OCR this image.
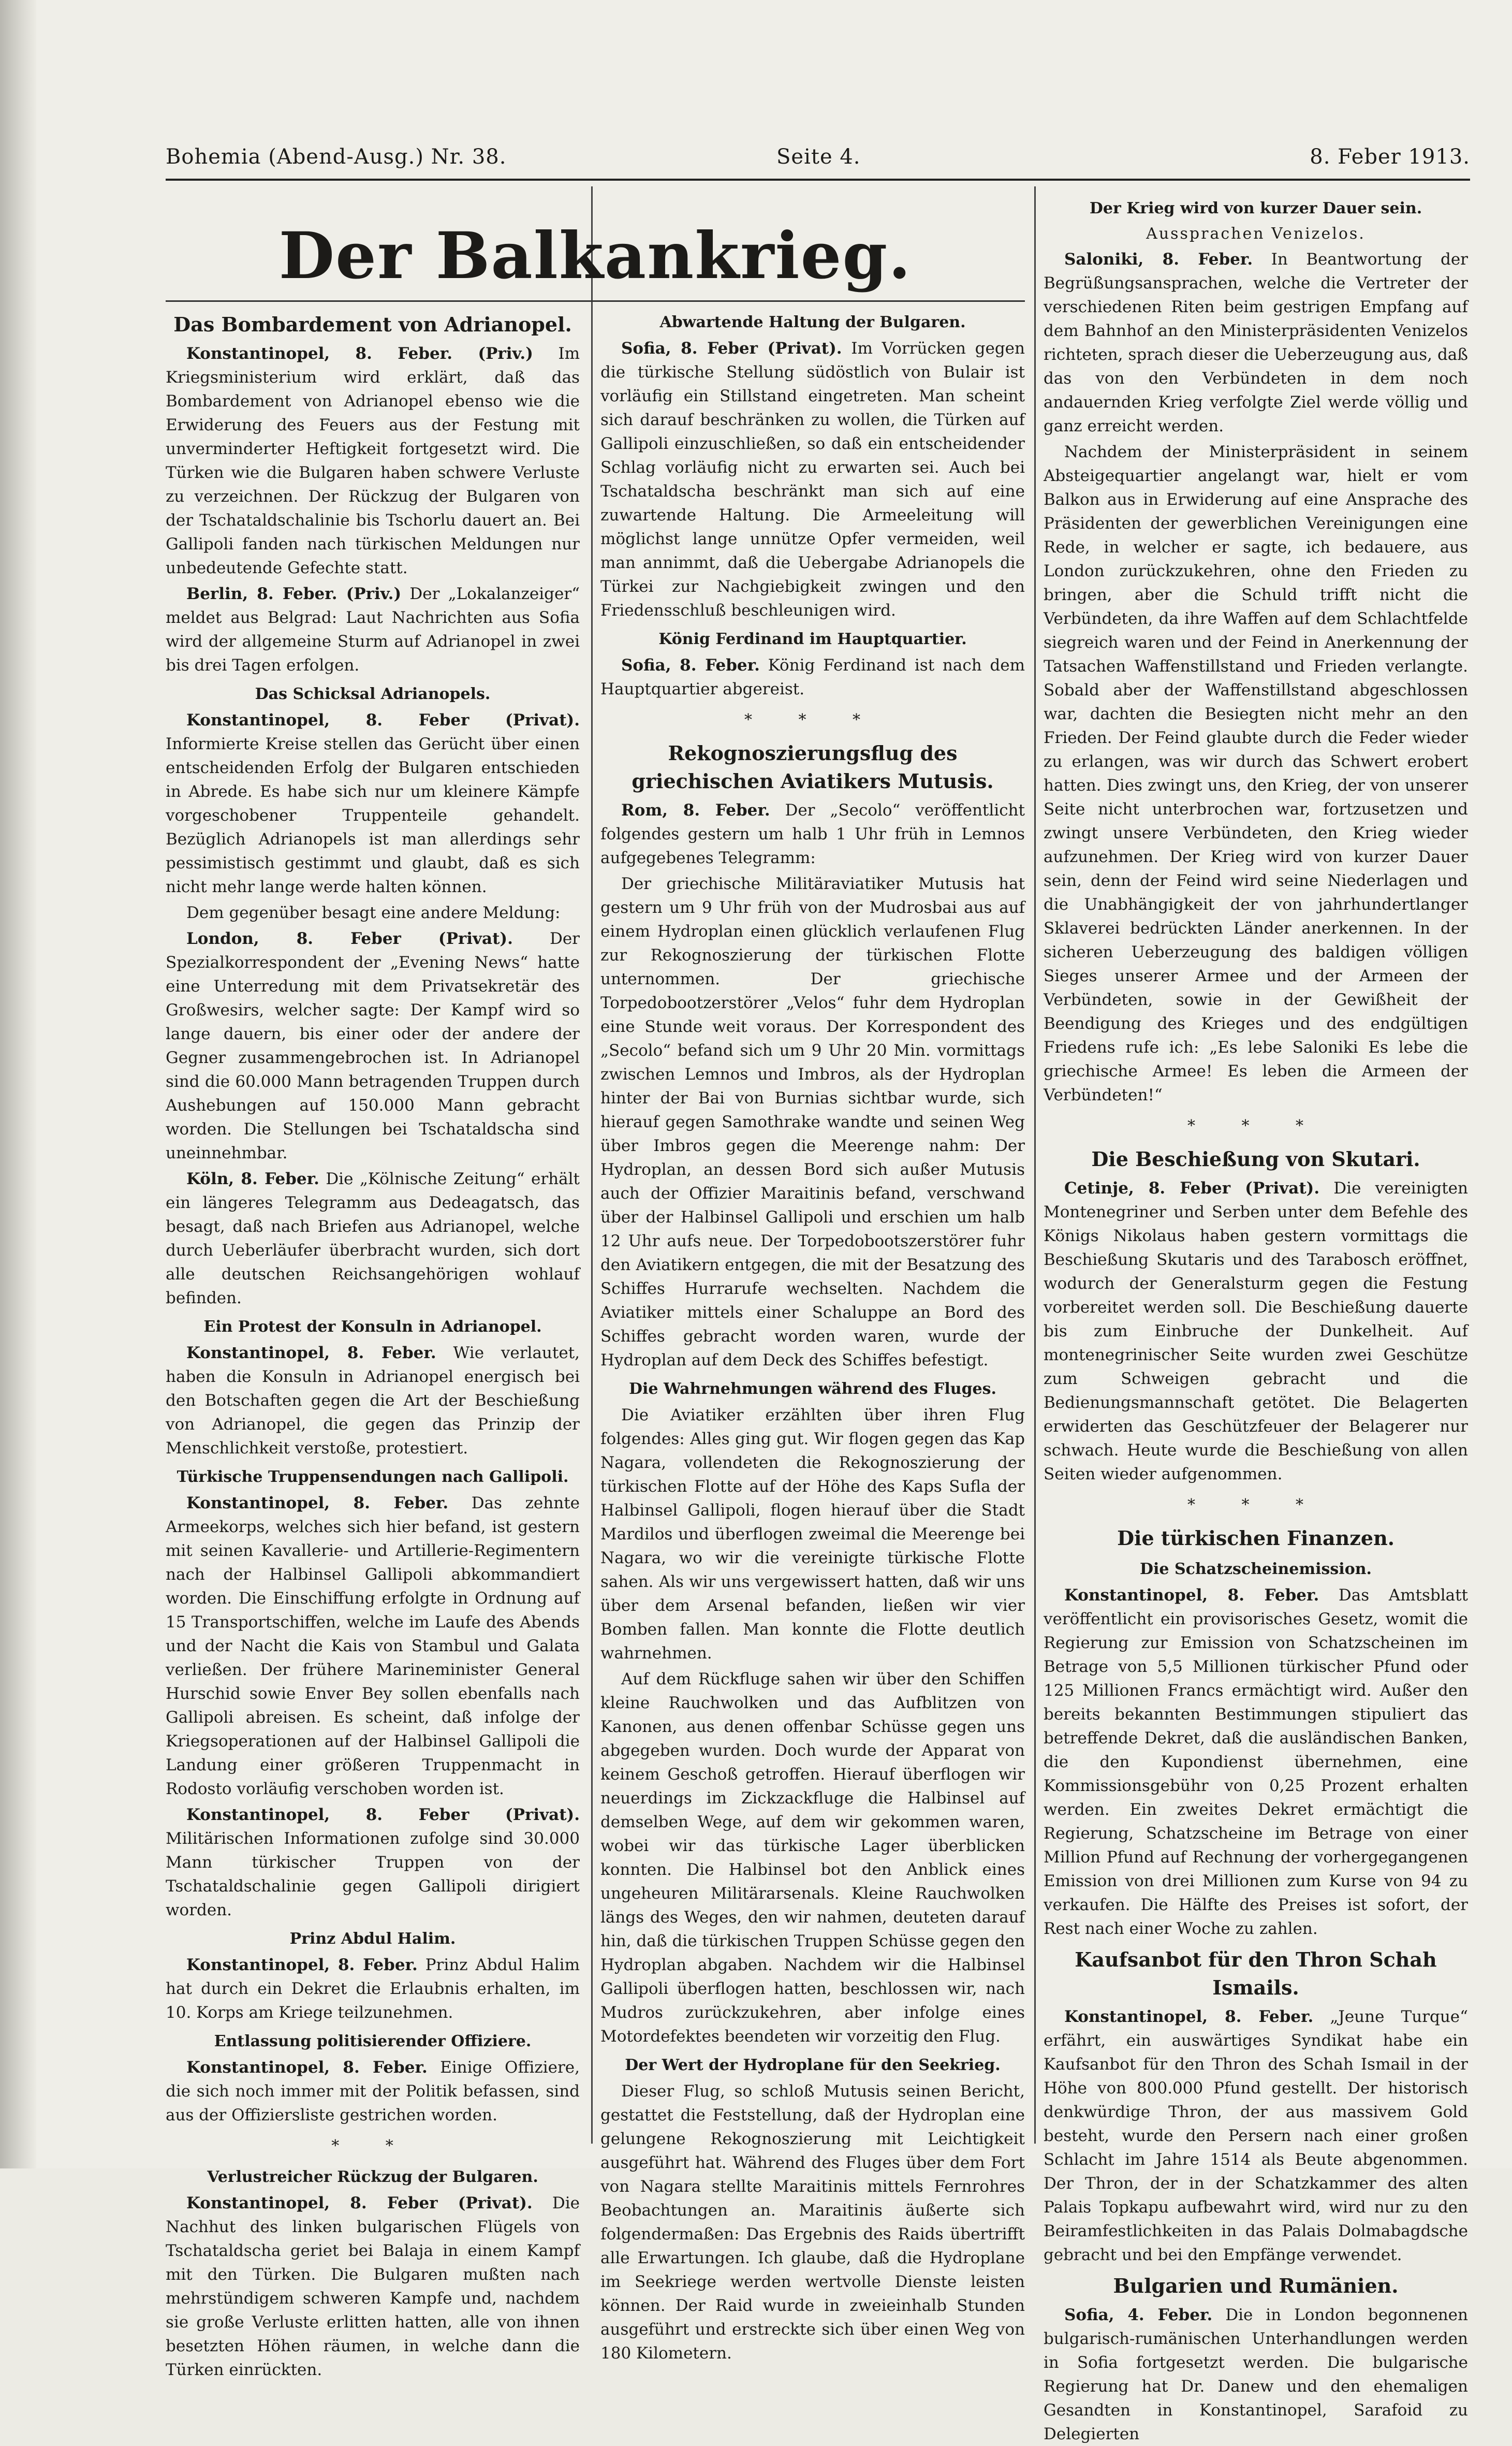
Bohemia (Abend-Ausg.) Nr. 38.	Seite 4.	8. Feber 1913.
Der Balkankrieg.
Das Bombardement von Adrianopel.

Konstantinopel, 8. Feber. (Priv.) Im Kriegsministerium wird erklärt, daß das Bombardement von Adrianopel ebenso wie die Erwiderung des Feuers aus der Festung mit unverminderter Heftigkeit fortgesetzt wird. Die Türken wie die Bulgaren haben schwere Verluste zu verzeichnen. Der Rückzug der Bulgaren von der Tschataldschalinie bis Tschorlu dauert an. Bei Gallipoli fanden nach türkischen Meldungen nur unbedeutende Gefechte statt.

Berlin, 8. Feber. (Priv.) Der „Lokalanzeiger“ meldet aus Belgrad: Laut Nachrichten aus Sofia wird der allgemeine Sturm auf Adrianopel in zwei bis drei Tagen erfolgen.

Das Schicksal Adrianopels.

Konstantinopel, 8. Feber (Privat). Informierte Kreise stellen das Gerücht über einen entscheidenden Erfolg der Bulgaren entschieden in Abrede. Es habe sich nur um kleinere Kämpfe vorgeschobener Truppenteile gehandelt. Bezüglich Adrianopels ist man allerdings sehr pessimistisch gestimmt und glaubt, daß es sich nicht mehr lange werde halten können.

Dem gegenüber besagt eine andere Meldung:

London, 8. Feber (Privat). Der Spezialkorrespondent der „Evening News“ hatte eine Unterredung mit dem Privatsekretär des Großwesirs, welcher sagte: Der Kampf wird so lange dauern, bis einer oder der andere der Gegner zusammengebrochen ist. In Adrianopel sind die 60.000 Mann betragenden Truppen durch Aushebungen auf 150.000 Mann gebracht worden. Die Stellungen bei Tschataldscha sind uneinnehmbar.

Köln, 8. Feber. Die „Kölnische Zeitung“ erhält ein längeres Telegramm aus Dedeagatsch, das besagt, daß nach Briefen aus Adrianopel, welche durch Ueberläufer überbracht wurden, sich dort alle deutschen Reichsangehörigen wohlauf befinden.

Ein Protest der Konsuln in Adrianopel.

Konstantinopel, 8. Feber. Wie verlautet, haben die Konsuln in Adrianopel energisch bei den Botschaften gegen die Art der Beschießung von Adrianopel, die gegen das Prinzip der Menschlichkeit verstoße, protestiert.

Türkische Truppensendungen nach Gallipoli.

Konstantinopel, 8. Feber. Das zehnte Armeekorps, welches sich hier befand, ist gestern mit seinen Kavallerie- und Artillerie-Regimentern nach der Halbinsel Gallipoli abkommandiert worden. Die Einschiffung erfolgte in Ordnung auf 15 Transportschiffen, welche im Laufe des Abends und der Nacht die Kais von Stambul und Galata verließen. Der frühere Marineminister General Hurschid sowie Enver Bey sollen ebenfalls nach Gallipoli abreisen. Es scheint, daß infolge der Kriegsoperationen auf der Halbinsel Gallipoli die Landung einer größeren Truppenmacht in Rodosto vorläufig verschoben worden ist.

Konstantinopel, 8. Feber (Privat). Militärischen Informationen zufolge sind 30.000 Mann türkischer Truppen von der Tschataldschalinie gegen Gallipoli dirigiert worden.

Prinz Abdul Halim.

Konstantinopel, 8. Feber. Prinz Abdul Halim hat durch ein Dekret die Erlaubnis erhalten, im 10. Korps am Kriege teilzunehmen.

Entlassung politisierender Offiziere.

Konstantinopel, 8. Feber. Einige Offiziere, die sich noch immer mit der Politik befassen, sind aus der Offiziersliste gestrichen worden.

* *
Verlustreicher Rückzug der Bulgaren.

Konstantinopel, 8. Feber (Privat). Die Nachhut des linken bulgarischen Flügels von Tschataldscha geriet bei Balaja in einem Kampf mit den Türken. Die Bulgaren mußten nach mehrstündigem schweren Kampfe und, nachdem sie große Verluste erlitten hatten, alle von ihnen besetzten Höhen räumen, in welche dann die Türken einrückten.

Abwartende Haltung der Bulgaren.

Sofia, 8. Feber (Privat). Im Vorrücken gegen die türkische Stellung südöstlich von Bulair ist vorläufig ein Stillstand eingetreten. Man scheint sich darauf beschränken zu wollen, die Türken auf Gallipoli einzuschließen, so daß ein entscheidender Schlag vorläufig nicht zu erwarten sei. Auch bei Tschataldscha beschränkt man sich auf eine zuwartende Haltung. Die Armeeleitung will möglichst lange unnütze Opfer vermeiden, weil man annimmt, daß die Uebergabe Adrianopels die Türkei zur Nachgiebigkeit zwingen und den Friedensschluß beschleunigen wird.

König Ferdinand im Hauptquartier.

Sofia, 8. Feber. König Ferdinand ist nach dem Hauptquartier abgereist.

* * *
Rekognoszierungsflug des griechischen Aviatikers Mutusis.

Rom, 8. Feber. Der „Secolo“ veröffentlicht folgendes gestern um halb 1 Uhr früh in Lemnos aufgegebenes Telegramm:

Der griechische Militäraviatiker Mutusis hat gestern um 9 Uhr früh von der Mudrosbai aus auf einem Hydroplan einen glücklich verlaufenen Flug zur Rekognoszierung der türkischen Flotte unternommen. Der griechische Torpedobootzerstörer „Velos“ fuhr dem Hydroplan eine Stunde weit voraus. Der Korrespondent des „Secolo“ befand sich um 9 Uhr 20 Min. vormittags zwischen Lemnos und Imbros, als der Hydroplan hinter der Bai von Burnias sichtbar wurde, sich hierauf gegen Samothrake wandte und seinen Weg über Imbros gegen die Meerenge nahm: Der Hydroplan, an dessen Bord sich außer Mutusis auch der Offizier Maraitinis befand, verschwand über der Halbinsel Gallipoli und erschien um halb 12 Uhr aufs neue. Der Torpedobootszerstörer fuhr den Aviatikern entgegen, die mit der Besatzung des Schiffes Hurrarufe wechselten. Nachdem die Aviatiker mittels einer Schaluppe an Bord des Schiffes gebracht worden waren, wurde der Hydroplan auf dem Deck des Schiffes befestigt.

Die Wahrnehmungen während des Fluges.

Die Aviatiker erzählten über ihren Flug folgendes: Alles ging gut. Wir flogen gegen das Kap Nagara, vollendeten die Rekognoszierung der türkischen Flotte auf der Höhe des Kaps Sufla der Halbinsel Gallipoli, flogen hierauf über die Stadt Mardilos und überflogen zweimal die Meerenge bei Nagara, wo wir die vereinigte türkische Flotte sahen. Als wir uns vergewissert hatten, daß wir uns über dem Arsenal befanden, ließen wir vier Bomben fallen. Man konnte die Flotte deutlich wahrnehmen.

Auf dem Rückfluge sahen wir über den Schiffen kleine Rauchwolken und das Aufblitzen von Kanonen, aus denen offenbar Schüsse gegen uns abgegeben wurden. Doch wurde der Apparat von keinem Geschoß getroffen. Hierauf überflogen wir neuerdings im Zickzackfluge die Halbinsel auf demselben Wege, auf dem wir gekommen waren, wobei wir das türkische Lager überblicken konnten. Die Halbinsel bot den Anblick eines ungeheuren Militärarsenals. Kleine Rauchwolken längs des Weges, den wir nahmen, deuteten darauf hin, daß die türkischen Truppen Schüsse gegen den Hydroplan abgaben. Nachdem wir die Halbinsel Gallipoli überflogen hatten, beschlossen wir, nach Mudros zurückzukehren, aber infolge eines Motordefektes beendeten wir vorzeitig den Flug.

Der Wert der Hydroplane für den Seekrieg.

Dieser Flug, so schloß Mutusis seinen Bericht, gestattet die Feststellung, daß der Hydroplan eine gelungene Rekognoszierung mit Leichtigkeit ausgeführt hat. Während des Fluges über dem Fort von Nagara stellte Maraitinis mittels Fernrohres Beobachtungen an. Maraitinis äußerte sich folgendermaßen: Das Ergebnis des Raids übertrifft alle Erwartungen. Ich glaube, daß die Hydroplane im Seekriege werden wertvolle Dienste leisten können. Der Raid wurde in zweieinhalb Stunden ausgeführt und erstreckte sich über einen Weg von 180 Kilometern.

Der Krieg wird von kurzer Dauer sein.
Aussprachen Venizelos.

Saloniki, 8. Feber. In Beantwortung der Begrüßungsansprachen, welche die Vertreter der verschiedenen Riten beim gestrigen Empfang auf dem Bahnhof an den Ministerpräsidenten Venizelos richteten, sprach dieser die Ueberzeugung aus, daß das von den Verbündeten in dem noch andauernden Krieg verfolgte Ziel werde völlig und ganz erreicht werden.

Nachdem der Ministerpräsident in seinem Absteigequartier angelangt war, hielt er vom Balkon aus in Erwiderung auf eine Ansprache des Präsidenten der gewerblichen Vereinigungen eine Rede, in welcher er sagte, ich bedauere, aus London zurückzukehren, ohne den Frieden zu bringen, aber die Schuld trifft nicht die Verbündeten, da ihre Waffen auf dem Schlachtfelde siegreich waren und der Feind in Anerkennung der Tatsachen Waffenstillstand und Frieden verlangte. Sobald aber der Waffenstillstand abgeschlossen war, dachten die Besiegten nicht mehr an den Frieden. Der Feind glaubte durch die Feder wieder zu erlangen, was wir durch das Schwert erobert hatten. Dies zwingt uns, den Krieg, der von unserer Seite nicht unterbrochen war, fortzusetzen und zwingt unsere Verbündeten, den Krieg wieder aufzunehmen. Der Krieg wird von kurzer Dauer sein, denn der Feind wird seine Niederlagen und die Unabhängigkeit der von jahrhundertlanger Sklaverei bedrückten Länder anerkennen. In der sicheren Ueberzeugung des baldigen völligen Sieges unserer Armee und der Armeen der Verbündeten, sowie in der Gewißheit der Beendigung des Krieges und des endgültigen Friedens rufe ich: „Es lebe Saloniki Es lebe die griechische Armee! Es leben die Armeen der Verbündeten!“

* * *
Die Beschießung von Skutari.

Cetinje, 8. Feber (Privat). Die vereinigten Montenegriner und Serben unter dem Befehle des Königs Nikolaus haben gestern vormittags die Beschießung Skutaris und des Tarabosch eröffnet, wodurch der Generalsturm gegen die Festung vorbereitet werden soll. Die Beschießung dauerte bis zum Einbruche der Dunkelheit. Auf montenegrinischer Seite wurden zwei Geschütze zum Schweigen gebracht und die Bedienungsmannschaft getötet. Die Belagerten erwiderten das Geschützfeuer der Belagerer nur schwach. Heute wurde die Beschießung von allen Seiten wieder aufgenommen.

* * *
Die türkischen Finanzen.
Die Schatzscheinemission.

Konstantinopel, 8. Feber. Das Amtsblatt veröffentlicht ein provisorisches Gesetz, womit die Regierung zur Emission von Schatzscheinen im Betrage von 5,5 Millionen türkischer Pfund oder 125 Millionen Francs ermächtigt wird. Außer den bereits bekannten Bestimmungen stipuliert das betreffende Dekret, daß die ausländischen Banken, die den Kupondienst übernehmen, eine Kommissionsgebühr von 0,25 Prozent erhalten werden. Ein zweites Dekret ermächtigt die Regierung, Schatzscheine im Betrage von einer Million Pfund auf Rechnung der vorhergegangenen Emission von drei Millionen zum Kurse von 94 zu verkaufen. Die Hälfte des Preises ist sofort, der Rest nach einer Woche zu zahlen.

Kaufsanbot für den Thron Schah Ismails.

Konstantinopel, 8. Feber. „Jeune Turque“ erfährt, ein auswärtiges Syndikat habe ein Kaufsanbot für den Thron des Schah Ismail in der Höhe von 800.000 Pfund gestellt. Der historisch denkwürdige Thron, der aus massivem Gold besteht, wurde den Persern nach einer großen Schlacht im Jahre 1514 als Beute abgenommen. Der Thron, der in der Schatzkammer des alten Palais Topkapu aufbewahrt wird, wird nur zu den Beiramfestlichkeiten in das Palais Dolmabagdsche gebracht und bei den Empfänge verwendet.

Bulgarien und Rumänien.

Sofia, 4. Feber. Die in London begonnenen bulgarisch-rumänischen Unterhandlungen werden in Sofia fortgesetzt werden. Die bulgarische Regierung hat Dr. Danew und den ehemaligen Gesandten in Konstantinopel, Sarafoid zu Delegierten
